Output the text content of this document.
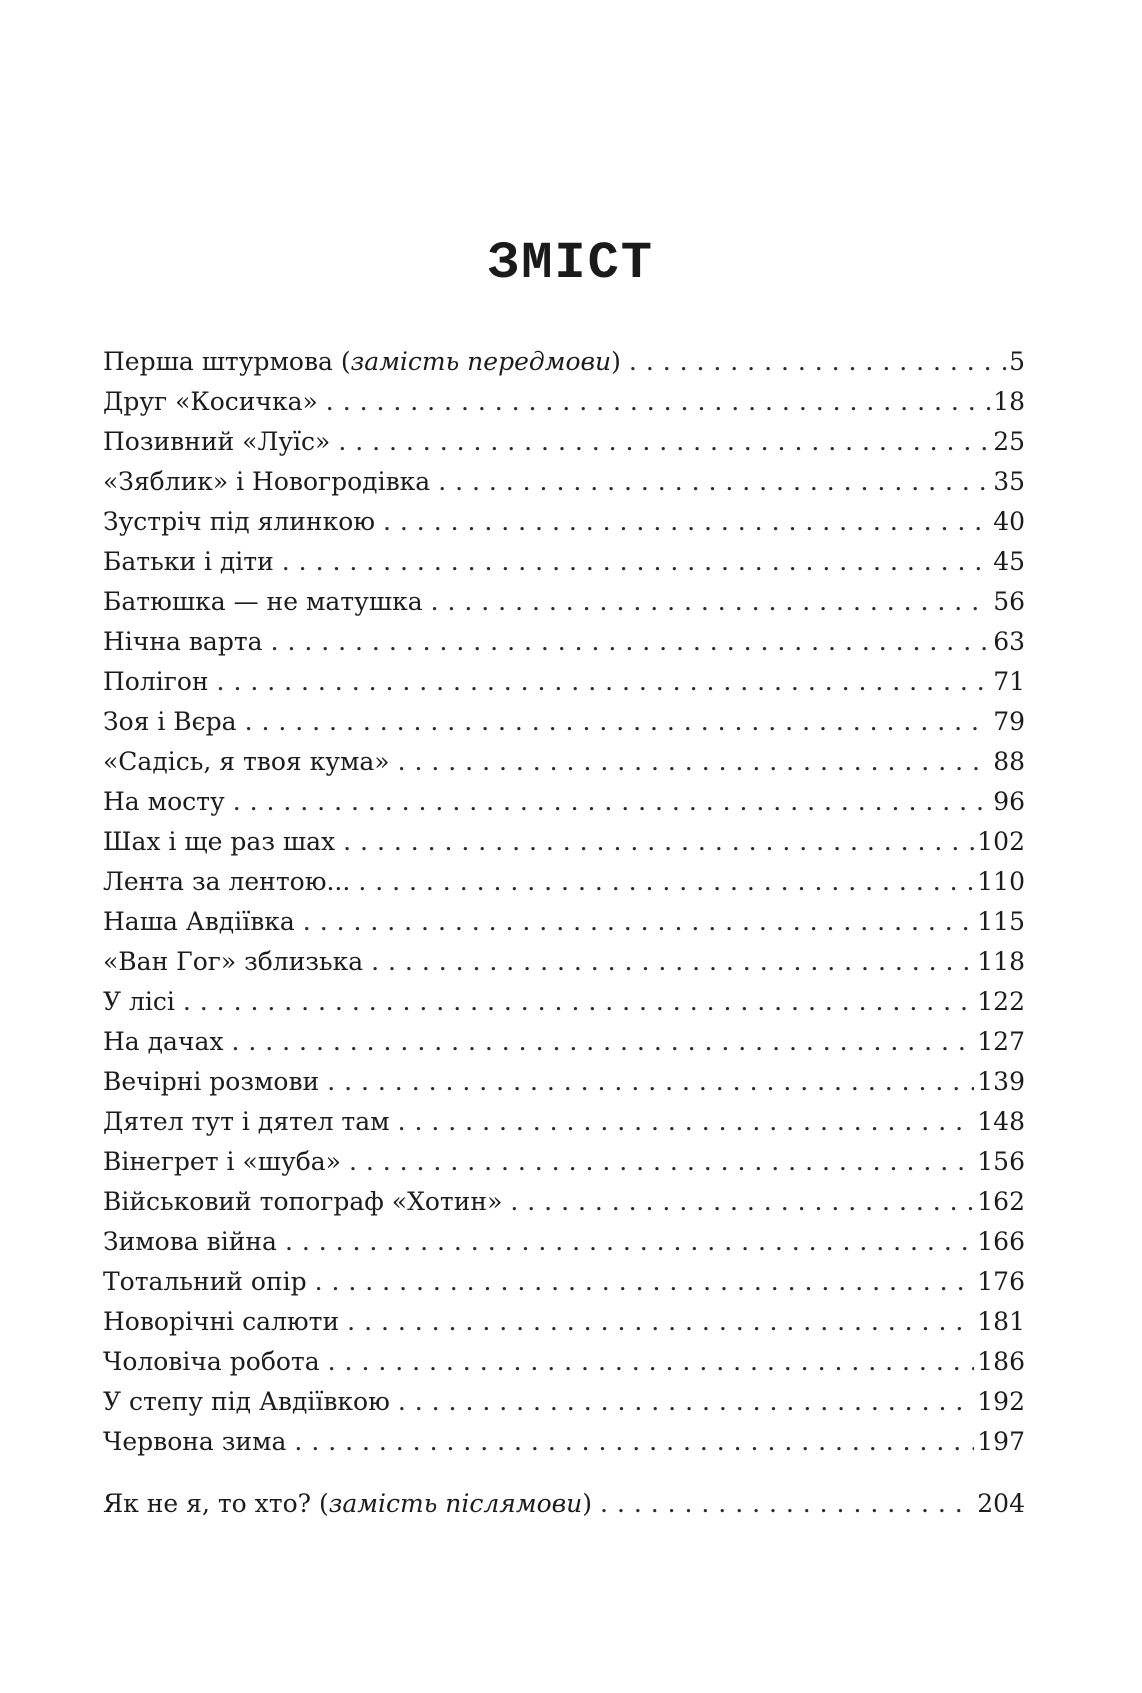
ЗМІСТ
Перша штурмова (замість передмови) . . .	5
Друг «Косичка» . . .	18
Позивний «Луїс» . . .	25
«Зяблик» і Новогродівка . . .	35
Зустріч під ялинкою . . .	40
Батьки і діти . . .	45
Батюшка — не матушка . . .	56
Нічна варта . . .	63
Полігон . . .	71
Зоя і Вєра . . .	79
«Садісь, я твоя кума» . . .	88
На мосту . . .	96
Шах і ще раз шах . . .	102
Лента за лентою... . . .	110
Наша Авдіївка . . .	115
«Ван Гог» зблизька . . .	118
У лісі . . .	122
На дачах . . .	127
Вечірні розмови . . .	139
Дятел тут і дятел там . . .	148
Вінегрет і «шуба» . . .	156
Військовий топограф «Хотин» . . .	162
Зимова війна . . .	166
Тотальний опір . . .	176
Новорічні салюти . . .	181
Чоловіча робота . . .	186
У степу під Авдіївкою . . .	192
Червона зима . . .	197
Як не я, то хто? (замість післямови) . . .	204
